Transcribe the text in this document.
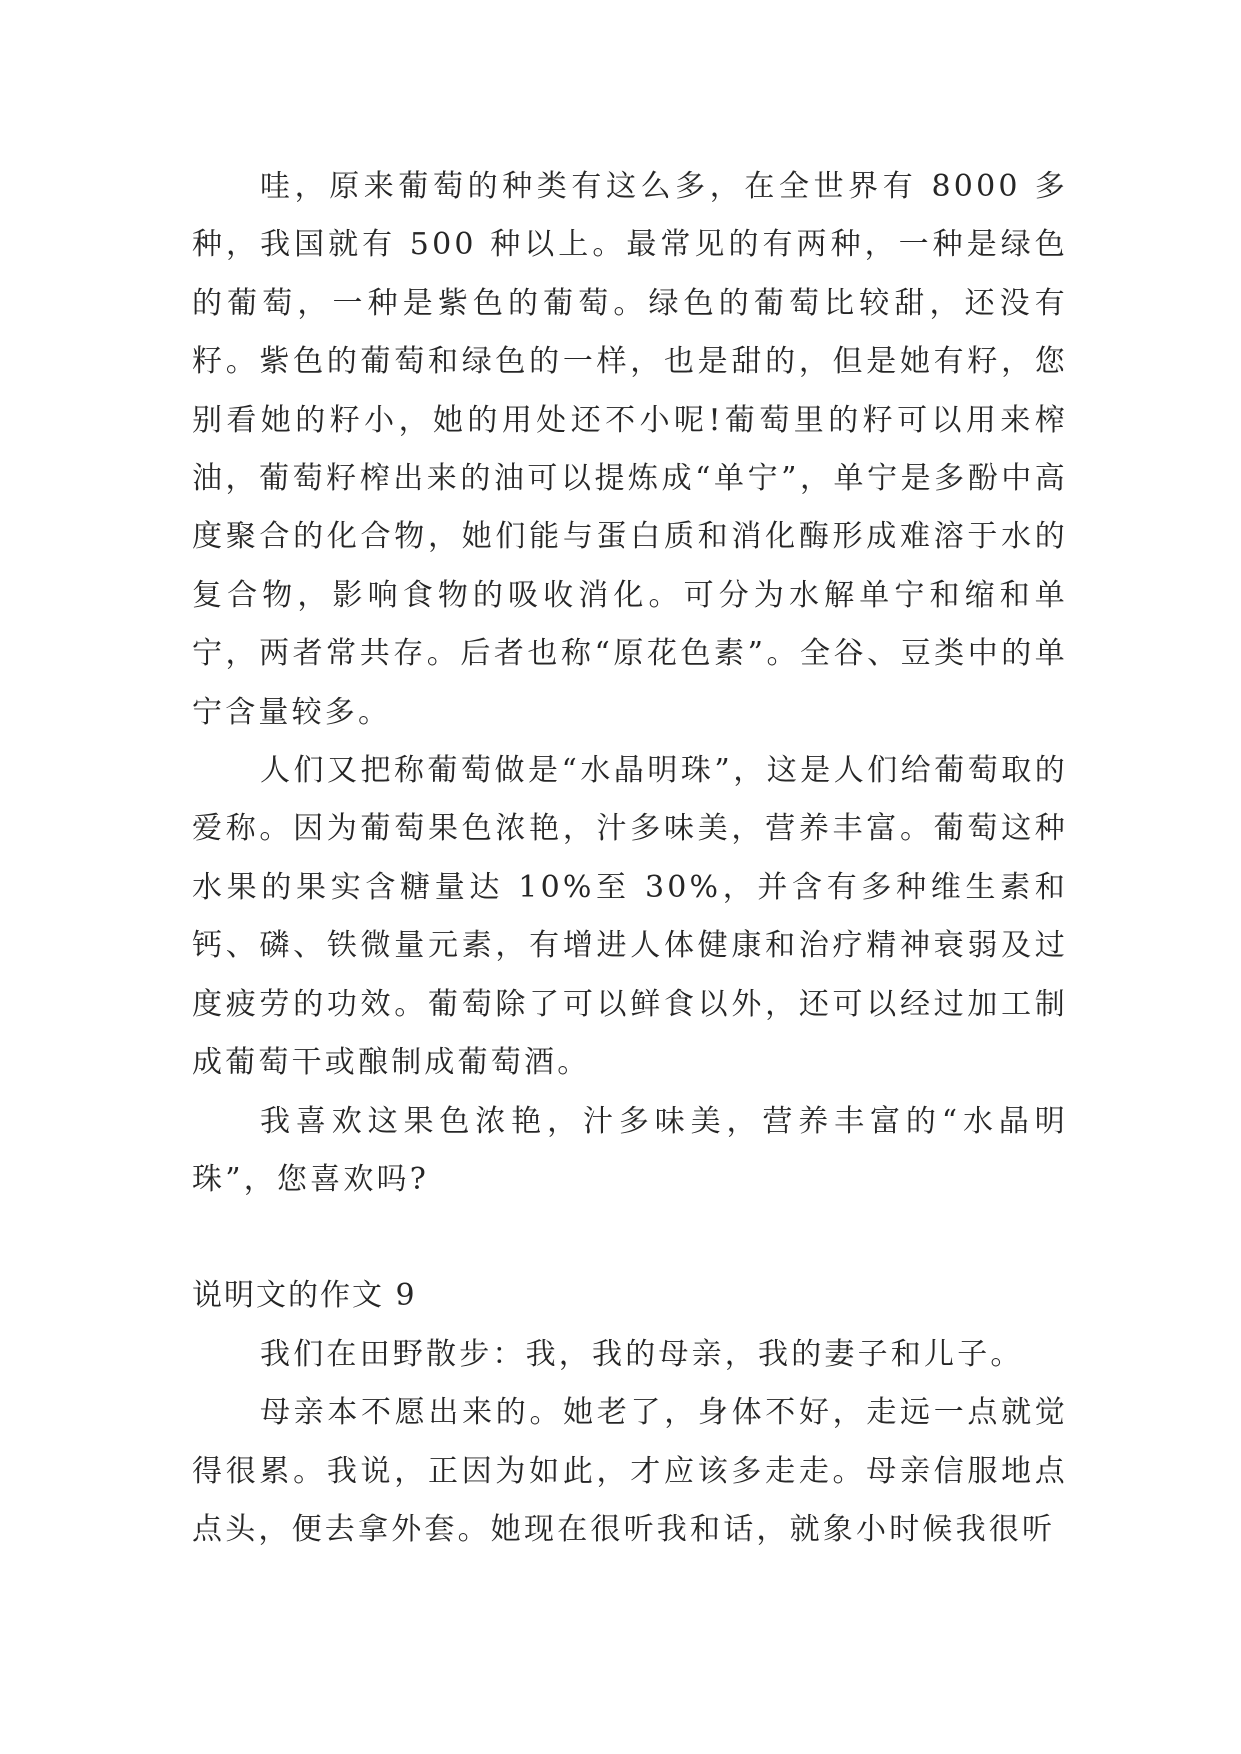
哇，原来葡萄的种类有这么多，在全世界有 8000 多种，我国就有 500 种以上。最常见的有两种，一种是绿色的葡萄，一种是紫色的葡萄。绿色的葡萄比较甜，还没有籽。紫色的葡萄和绿色的一样，也是甜的，但是她有籽，您别看她的籽小，她的用处还不小呢!葡萄里的籽可以用来榨油，葡萄籽榨出来的油可以提炼成“单宁”，单宁是多酚中高度聚合的化合物，她们能与蛋白质和消化酶形成难溶于水的复合物，影响食物的吸收消化。可分为水解单宁和缩和单宁，两者常共存。后者也称“原花色素”。全谷、豆类中的单宁含量较多。

人们又把称葡萄做是“水晶明珠”，这是人们给葡萄取的爱称。因为葡萄果色浓艳，汁多味美，营养丰富。葡萄这种水果的果实含糖量达 10%至 30%，并含有多种维生素和钙、磷、铁微量元素，有增进人体健康和治疗精神衰弱及过度疲劳的功效。葡萄除了可以鲜食以外，还可以经过加工制成葡萄干或酿制成葡萄酒。

我喜欢这果色浓艳，汁多味美，营养丰富的“水晶明珠”，您喜欢吗?

说明文的作文 9

我们在田野散步：我，我的母亲，我的妻子和儿子。

母亲本不愿出来的。她老了，身体不好，走远一点就觉得很累。我说，正因为如此，才应该多走走。母亲信服地点点头，便去拿外套。她现在很听我和话，就象小时候我很听
